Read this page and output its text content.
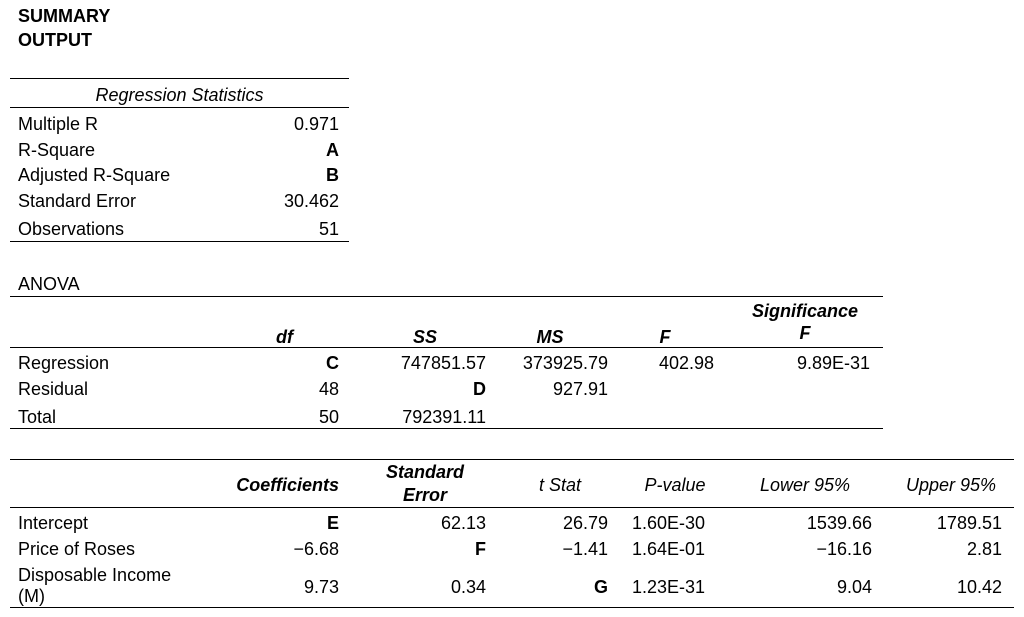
SUMMARY
OUTPUT
Regression Statistics
Multiple R	0.971
R-Square	A
Adjusted R-Square	B
Standard Error	30.462
Observations	51
ANOVA
df	SS	MS	F
Significance
F
Regression	C	747851.57	373925.79	402.98	9.89E-31
Residual	48	D	927.91
Total	50	792391.11
Coefficients
Standard
Error	t Stat	P-value	Lower 95%	Upper 95%
Intercept	E	62.13	26.79 1.60E-30	1539.66	1789.51
Price of Roses	−6.68	F	−1.41 1.64E-01	−16.16	2.81
Disposable Income
(M)	9.73	0.34	G 1.23E-31	9.04	10.42
